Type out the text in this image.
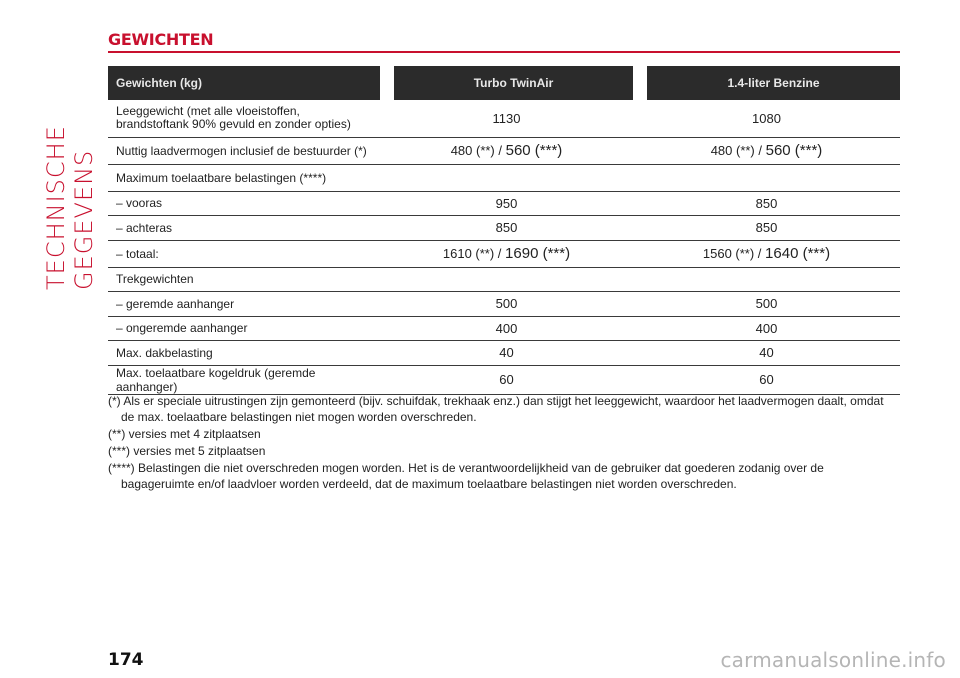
TECHNISCHE GEGEVENS
GEWICHTEN
Gewichten (kg)		Turbo TwinAir		1.4-liter Benzine
Leeggewicht (met alle vloeistoffen, brandstoftank 90% gevuld en zonder opties)	1130		1080	
Nuttig laadvermogen inclusief de bestuurder (*)	480 (**) / 560 (***)		480 (**) / 560 (***)	
Maximum toelaatbare belastingen (****)				
– vooras	950		850	
– achteras	850		850	
– totaal:	1610 (**) / 1690 (***)		1560 (**) / 1640 (***)	
Trekgewichten				
– geremde aanhanger	500		500	
– ongeremde aanhanger	400		400	
Max. dakbelasting	40		40	
Max. toelaatbare kogeldruk (geremde aanhanger)	60		60	

(*) Als er speciale uitrustingen zijn gemonteerd (bijv. schuifdak, trekhaak enz.) dan stijgt het leeggewicht, waardoor het laadvermogen daalt, omdat de max. toelaatbare belastingen niet mogen worden overschreden.

(**) versies met 4 zitplaatsen

(***) versies met 5 zitplaatsen

(****) Belastingen die niet overschreden mogen worden. Het is de verantwoordelijkheid van de gebruiker dat goederen zodanig over de bagageruimte en/of laadvloer worden verdeeld, dat de maximum toelaatbare belastingen niet worden overschreden.

174	carmanualsonline.info
